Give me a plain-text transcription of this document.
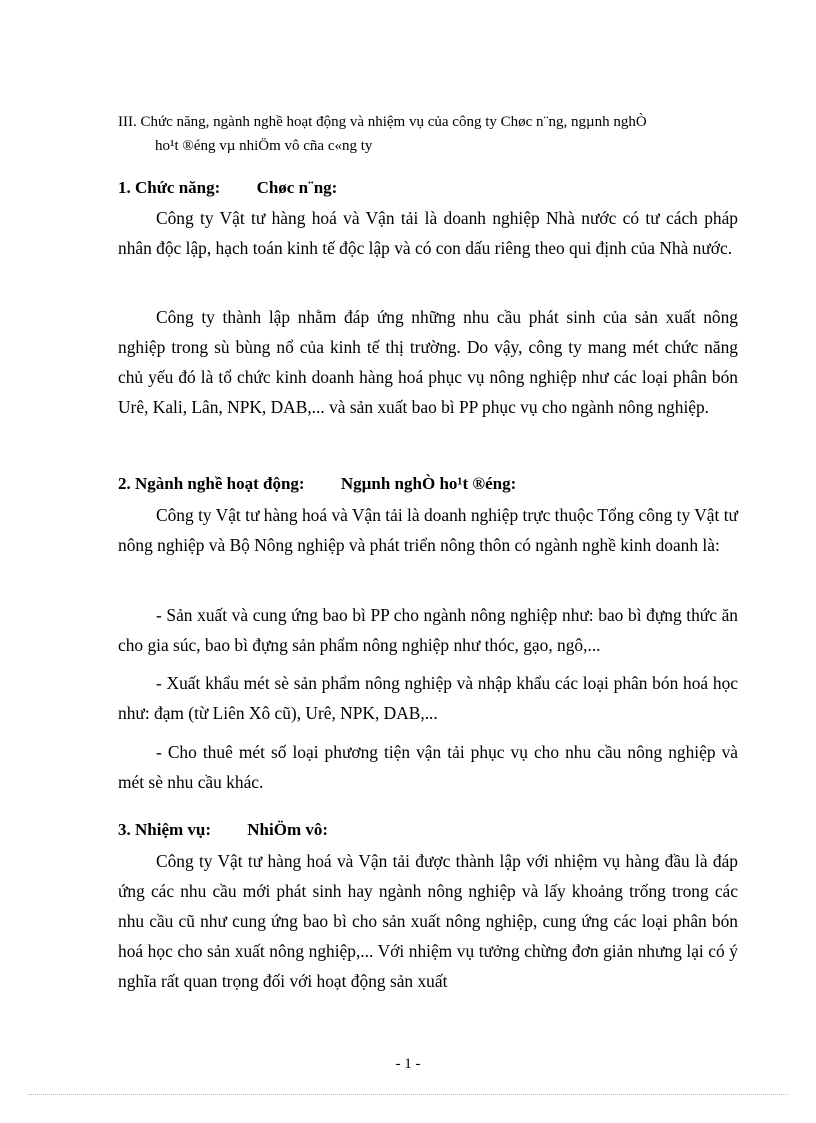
III. Chức năng, ngành nghề hoạt động và nhiệm vụ của công ty Chøc n¨ng, ngµnh nghÒ
ho¹t ®éng vµ nhiÖm vô cña c«ng ty
1. Chức năng: Chøc n¨ng:

Công ty Vật tư hàng hoá và Vận tải là doanh nghiệp Nhà nước có tư cách pháp nhân độc lập, hạch toán kinh tế độc lập và có con dấu riêng theo qui định của Nhà nước.

Công ty thành lập nhằm đáp ứng những nhu cầu phát sinh của sản xuất nông nghiệp trong sù bùng nổ của kinh tế thị trường. Do vậy, công ty mang mét chức năng chủ yếu đó là tổ chức kinh doanh hàng hoá phục vụ nông nghiệp như các loại phân bón Urê, Kali, Lân, NPK, DAB,... và sản xuất bao bì PP phục vụ cho ngành nông nghiệp.

2. Ngành nghề hoạt động: Ngµnh nghÒ ho¹t ®éng:

Công ty Vật tư hàng hoá và Vận tải là doanh nghiệp trực thuộc Tổng công ty Vật tư nông nghiệp và Bộ Nông nghiệp và phát triển nông thôn có ngành nghề kinh doanh là:

- Sản xuất và cung ứng bao bì PP cho ngành nông nghiệp như: bao bì đựng thức ăn cho gia súc, bao bì đựng sản phẩm nông nghiệp như thóc, gạo, ngô,...

- Xuất khẩu mét sè sản phẩm nông nghiệp và nhập khẩu các loại phân bón hoá học như: đạm (từ Liên Xô cũ), Urê, NPK, DAB,...

- Cho thuê mét số loại phương tiện vận tải phục vụ cho nhu cầu nông nghiệp và mét sè nhu cầu khác.

3. Nhiệm vụ: NhiÖm vô:

Công ty Vật tư hàng hoá và Vận tải được thành lập với nhiệm vụ hàng đầu là đáp ứng các nhu cầu mới phát sinh hay ngành nông nghiệp và lấy khoảng trống trong các nhu cầu cũ như cung ứng bao bì cho sản xuất nông nghiệp, cung ứng các loại phân bón hoá học cho sản xuất nông nghiệp,... Với nhiệm vụ tưởng chừng đơn giản nhưng lại có ý nghĩa rất quan trọng đối với hoạt động sản xuất

- 1 -
